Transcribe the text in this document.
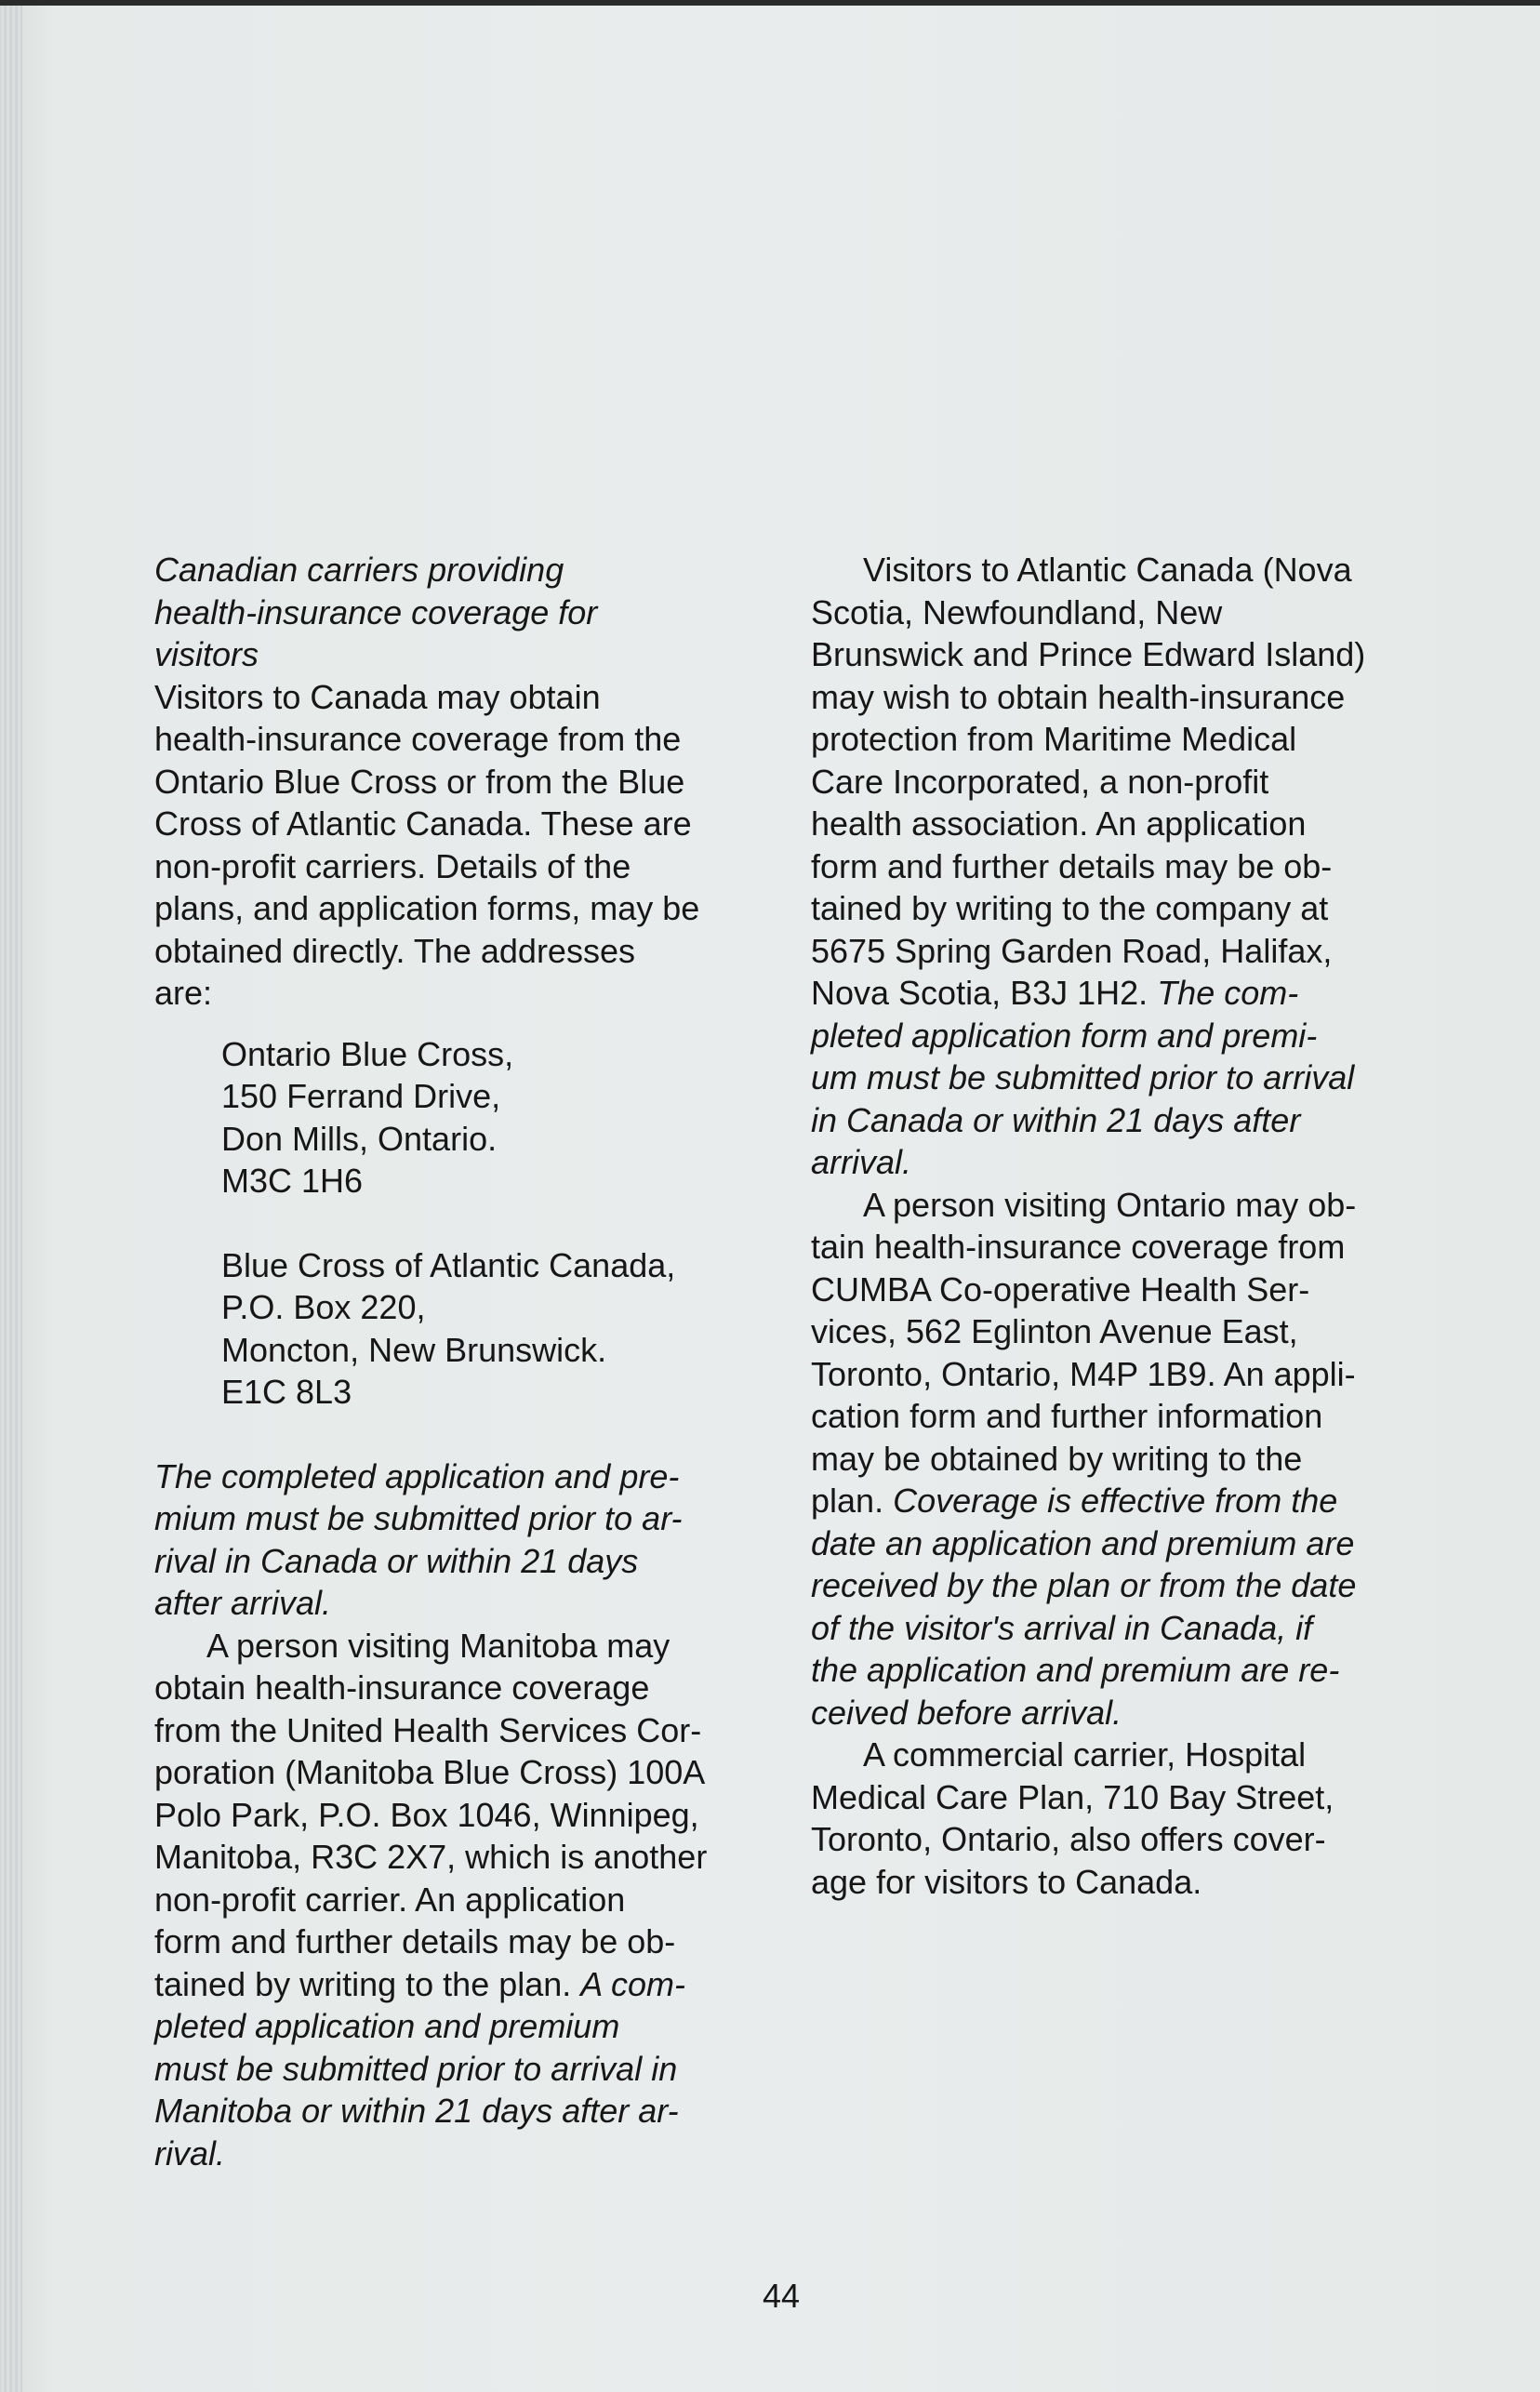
Canadian carriers providing
health-insurance coverage for
visitors
Visitors to Canada may obtain
health-insurance coverage from the
Ontario Blue Cross or from the Blue
Cross of Atlantic Canada. These are
non-profit carriers. Details of the
plans, and application forms, may be
obtained directly. The addresses
are:
Ontario Blue Cross,
150 Ferrand Drive,
Don Mills, Ontario.
M3C 1H6
Blue Cross of Atlantic Canada,
P.O. Box 220,
Moncton, New Brunswick.
E1C 8L3
The completed application and pre-
mium must be submitted prior to ar-
rival in Canada or within 21 days
after arrival.
A person visiting Manitoba may
obtain health-insurance coverage
from the United Health Services Cor-
poration (Manitoba Blue Cross) 100A
Polo Park, P.O. Box 1046, Winnipeg,
Manitoba, R3C 2X7, which is another
non-profit carrier. An application
form and further details may be ob-
tained by writing to the plan. A com-
pleted application and premium
must be submitted prior to arrival in
Manitoba or within 21 days after ar-
rival.
Visitors to Atlantic Canada (Nova
Scotia, Newfoundland, New
Brunswick and Prince Edward Island)
may wish to obtain health-insurance
protection from Maritime Medical
Care Incorporated, a non-profit
health association. An application
form and further details may be ob-
tained by writing to the company at
5675 Spring Garden Road, Halifax,
Nova Scotia, B3J 1H2. The com-
pleted application form and premi-
um must be submitted prior to arrival
in Canada or within 21 days after
arrival.
A person visiting Ontario may ob-
tain health-insurance coverage from
CUMBA Co-operative Health Ser-
vices, 562 Eglinton Avenue East,
Toronto, Ontario, M4P 1B9. An appli-
cation form and further information
may be obtained by writing to the
plan. Coverage is effective from the
date an application and premium are
received by the plan or from the date
of the visitor's arrival in Canada, if
the application and premium are re-
ceived before arrival.
A commercial carrier, Hospital
Medical Care Plan, 710 Bay Street,
Toronto, Ontario, also offers cover-
age for visitors to Canada.
44
